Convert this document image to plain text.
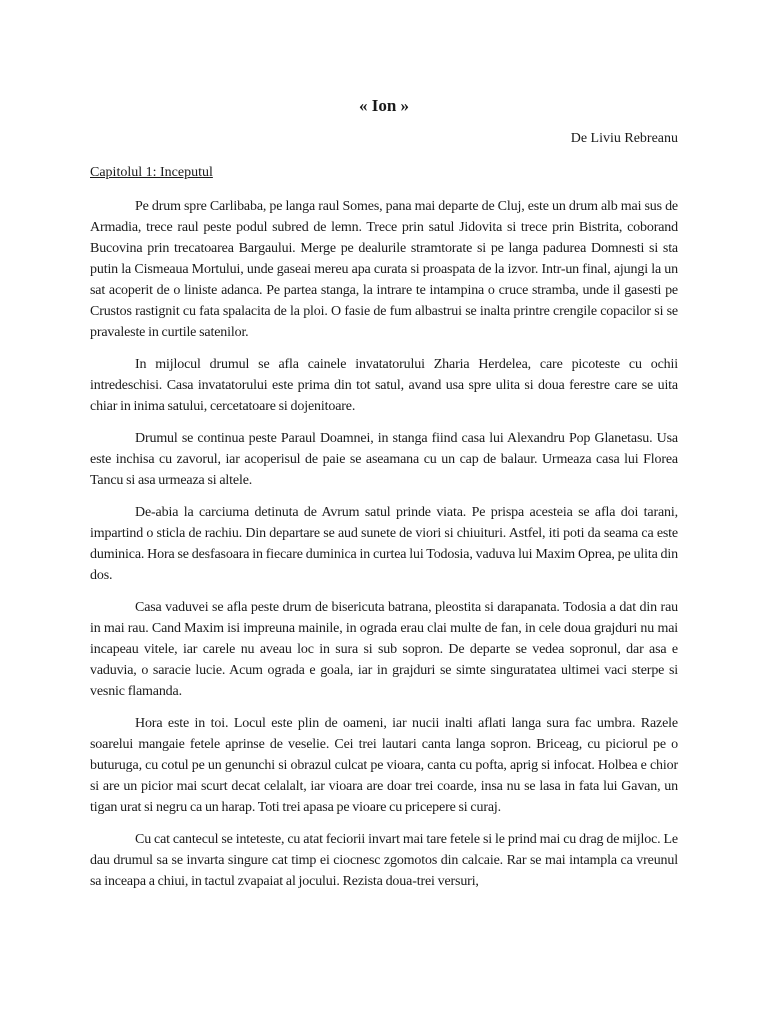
« Ion »
De Liviu Rebreanu
Capitolul 1: Inceputul

Pe drum spre Carlibaba, pe langa raul Somes, pana mai departe de Cluj, este un drum alb mai sus de Armadia, trece raul peste podul subred de lemn. Trece prin satul Jidovita si trece prin Bistrita, coborand Bucovina prin trecatoarea Bargaului. Merge pe dealurile stramtorate si pe langa padurea Domnesti si sta putin la Cismeaua Mortului, unde gaseai mereu apa curata si proaspata de la izvor. Intr-un final, ajungi la un sat acoperit de o liniste adanca. Pe partea stanga, la intrare te intampina o cruce stramba, unde il gasesti pe Crustos rastignit cu fata spalacita de la ploi. O fasie de fum albastrui se inalta printre crengile copacilor si se pravaleste in curtile satenilor.

In mijlocul drumul se afla cainele invatatorului Zharia Herdelea, care picoteste cu ochii intredeschisi. Casa invatatorului este prima din tot satul, avand usa spre ulita si doua ferestre care se uita chiar in inima satului, cercetatoare si dojenitoare.

Drumul se continua peste Paraul Doamnei, in stanga fiind casa lui Alexandru Pop Glanetasu. Usa este inchisa cu zavorul, iar acoperisul de paie se aseamana cu un cap de balaur. Urmeaza casa lui Florea Tancu si asa urmeaza si altele.

De-abia la carciuma detinuta de Avrum satul prinde viata. Pe prispa acesteia se afla doi tarani, impartind o sticla de rachiu. Din departare se aud sunete de viori si chiuituri. Astfel, iti poti da seama ca este duminica. Hora se desfasoara in fiecare duminica in curtea lui Todosia, vaduva lui Maxim Oprea, pe ulita din dos.

Casa vaduvei se afla peste drum de bisericuta batrana, pleostita si darapanata. Todosia a dat din rau in mai rau. Cand Maxim isi impreuna mainile, in ograda erau clai multe de fan, in cele doua grajduri nu mai incapeau vitele, iar carele nu aveau loc in sura si sub sopron. De departe se vedea sopronul, dar asa e vaduvia, o saracie lucie. Acum ograda e goala, iar in grajduri se simte singuratatea ultimei vaci sterpe si vesnic flamanda.

Hora este in toi. Locul este plin de oameni, iar nucii inalti aflati langa sura fac umbra. Razele soarelui mangaie fetele aprinse de veselie. Cei trei lautari canta langa sopron. Briceag, cu piciorul pe o buturuga, cu cotul pe un genunchi si obrazul culcat pe vioara, canta cu pofta, aprig si infocat. Holbea e chior si are un picior mai scurt decat celalalt, iar vioara are doar trei coarde, insa nu se lasa in fata lui Gavan, un tigan urat si negru ca un harap. Toti trei apasa pe vioare cu pricepere si curaj.

Cu cat cantecul se inteteste, cu atat feciorii invart mai tare fetele si le prind mai cu drag de mijloc. Le dau drumul sa se invarta singure cat timp ei ciocnesc zgomotos din calcaie. Rar se mai intampla ca vreunul sa inceapa a chiui, in tactul zvapaiat al jocului. Rezista doua-trei versuri,
